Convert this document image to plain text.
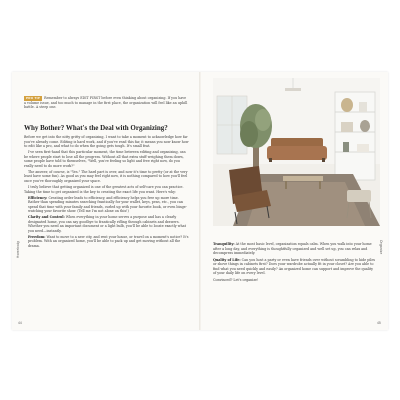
Homebody
PRO TIP Remember to always EDIT FIRST before even thinking about organizing. If you have a volume issue, and too much to manage in the first place, the organization will feel like an uphill battle. A steep one.
Why Bother? What's the Deal with Organizing?

Before we get into the nitty gritty of organizing, I want to take a moment to acknowledge how far you've already come. Editing is hard work, and if you've read this far, it means you now know how to edit like a pro, and what to do when the going gets tough. It's small feat.

I've seen first-hand that this particular moment, the time between editing and organizing, can be where people start to lose all the progress. Without all that extra stuff weighing them down, some people have told to themselves, "Well, you're feeling so light and free right now, do you really need to do more work?"

The answer, of course, is "Yes." The hard part is over, and now it's time to pretty (or at the very least have some fun). As good as you may feel right now, it is nothing compared to how you'll feel once you've thoroughly organized your space.

I truly believe that getting organized is one of the greatest acts of self-care you can practice. Taking the time to get organized is the key to creating the exact life you want. Here's why:

Efficiency: Creating order leads to efficiency, and efficiency helps you free up more time. Rather than spending minutes searching frantically for your wallet, keys, pens, etc., you can spend that time with your family and friends, curled up with your favorite book, or even binge-watching your favorite show. (Tell me I'm not alone on this!)

Clarity and Control: When everything in your home serves a purpose and has a clearly designated home, you can say goodbye to frantically rifling through cabinets and drawers. Whether you need an important document or a light bulb, you'll be able to locate exactly what you need—instantly.

Freedom: Want to move to a new city, and rent your house, or travel on a moment's notice? It's problem. With an organized home, you'll be able to pack up and get moving without all the drama.

44

Tranquility: At the most basic level, organization equals calm. When you walk into your home after a long day, and everything is thoughtfully organized and well set up, you can relax and decompress immediately.

Quality of Life: Can you host a party or even have friends over without scrambling to hide piles or shove things in cabinets first? Does your wardrobe actually fit in your closet? Are you able to find what you need quickly and easily? An organized home can support and improve the quality of your daily life on every level.

Convinced? Let's organize!

Organize
45
